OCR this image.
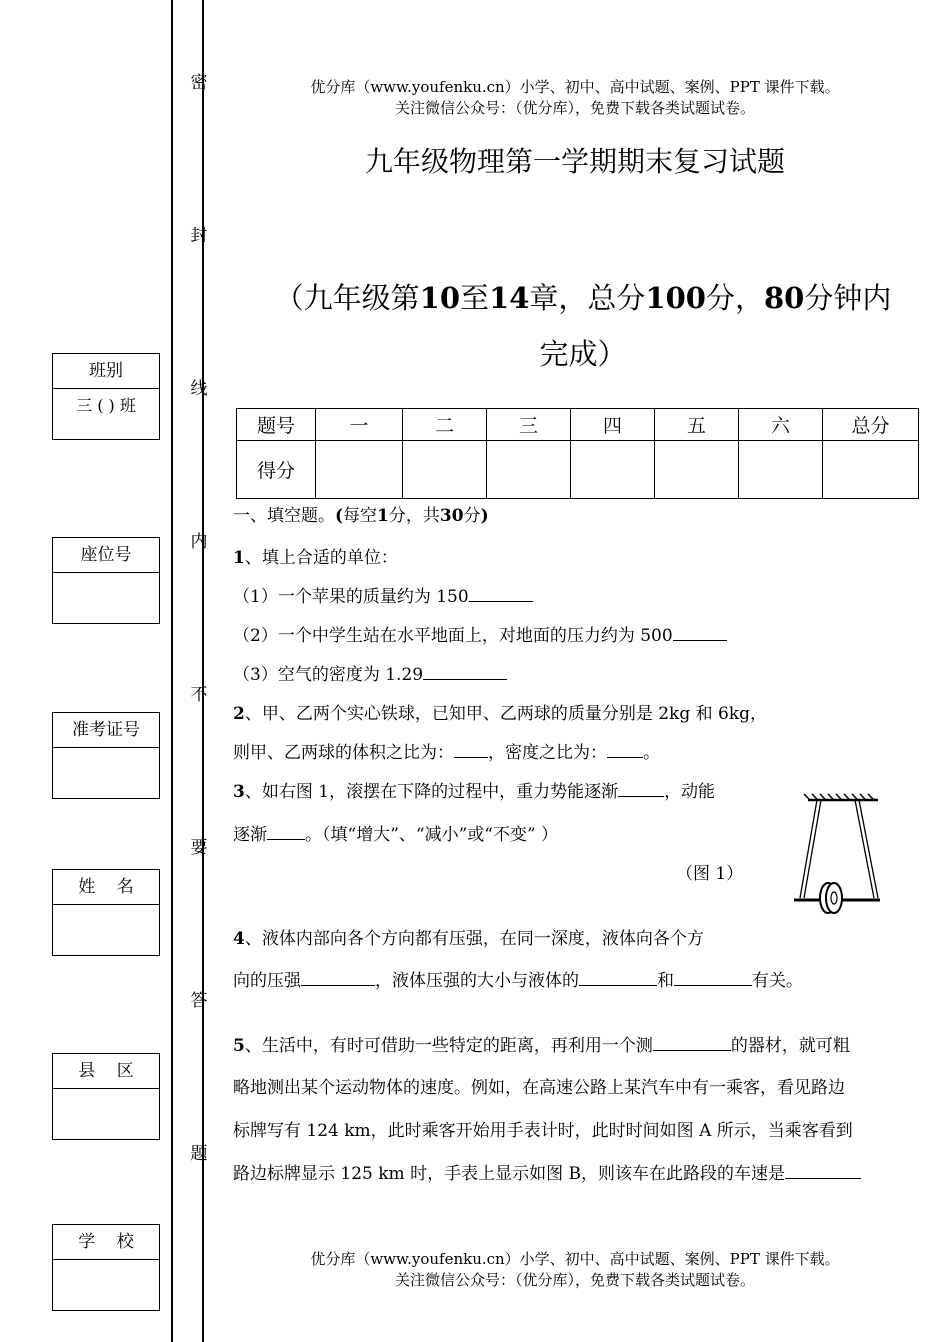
密
封
线
内
不
要
答
题
班别
三 ( ) 班
座位号
准考证号
姓    名
县    区
学    校
优分库（www.youfenku.cn）小学、初中、高中试题、案例、PPT 课件下载。
关注微信公众号：（优分库），免费下载各类试题试卷。
九年级物理第一学期期末复习试题
（九年级第10至14章，总分100分，80分钟内
完成）
题号	一	二	三	四	五	六	总分
得分							
一、填空题。(每空1分，共30分)
1、填上合适的单位：
（1）一个苹果的质量约为 150
（2）一个中学生站在水平地面上，对地面的压力约为 500
（3）空气的密度为 1.29
2、甲、乙两个实心铁球，已知甲、乙两球的质量分别是 2kg 和 6kg，
则甲、乙两球的体积之比为： ，密度之比为： 。
3、如右图 1，滚摆在下降的过程中，重力势能逐渐	，动能
逐渐 。（填“增大”、“减小”或“不变” ）
（图 1）
4、液体内部向各个方向都有压强，在同一深度，液体向各个方
向的压强	，液体压强的大小与液体的	和	有关。
5、生活中，有时可借助一些特定的距离，再利用一个测	的器材，就可粗
略地测出某个运动物体的速度。例如，在高速公路上某汽车中有一乘客，看见路边
标牌写有 124 km，此时乘客开始用手表计时，此时时间如图 A 所示，当乘客看到
路边标牌显示 125 km 时，手表上显示如图 B，则该车在此路段的车速是
优分库（www.youfenku.cn）小学、初中、高中试题、案例、PPT 课件下载。
关注微信公众号：（优分库），免费下载各类试题试卷。
